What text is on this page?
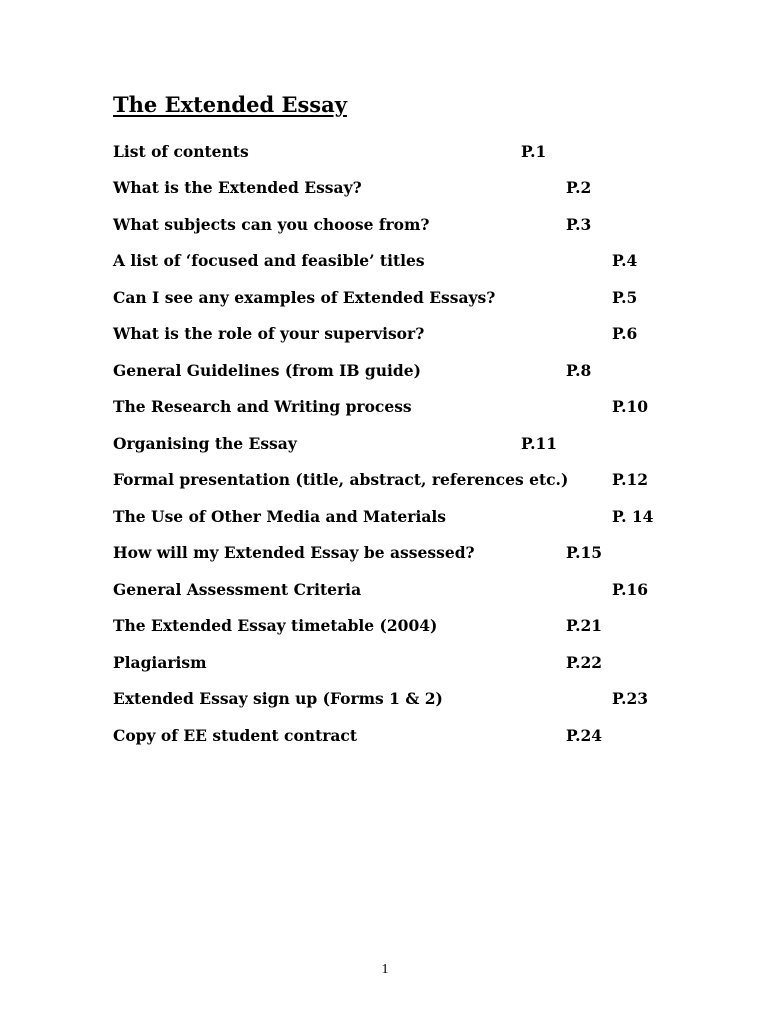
The Extended Essay
List of contents	P.1
What is the Extended Essay?	P.2
What subjects can you choose from?	P.3
A list of ‘focused and feasible’ titles	P.4
Can I see any examples of Extended Essays?	P.5
What is the role of your supervisor?	P.6
General Guidelines (from IB guide)	P.8
The Research and Writing process	P.10
Organising the Essay	P.11
Formal presentation (title, abstract, references etc.)	P.12
The Use of Other Media and Materials	P. 14
How will my Extended Essay be assessed?	P.15
General Assessment Criteria	P.16
The Extended Essay timetable (2004)	P.21
Plagiarism	P.22
Extended Essay sign up (Forms 1 & 2)	P.23
Copy of EE student contract	P.24
1
